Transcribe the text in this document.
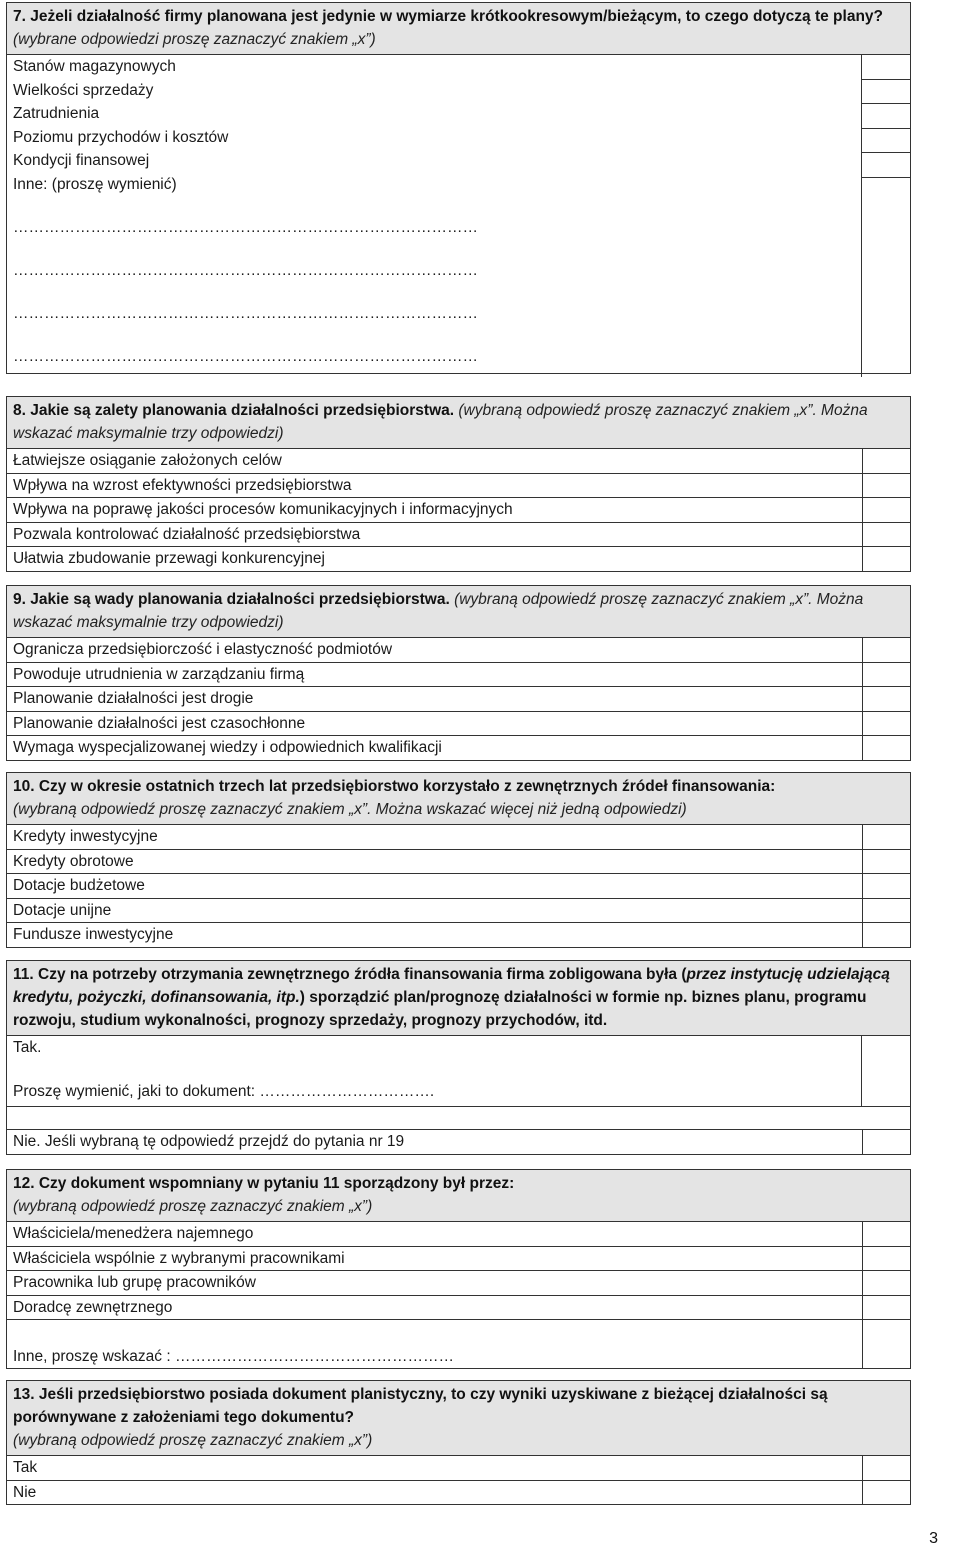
7. Jeżeli działalność firmy planowana jest jedynie w wymiarze krótkookresowym/bieżącym, to czego dotyczą te plany? (wybrane odpowiedzi proszę zaznaczyć znakiem „x”)
Stanów magazynowych
Wielkości sprzedaży
Zatrudnienia
Poziomu przychodów i kosztów
Kondycji finansowej
Inne: (proszę wymienić)
………………………………………………………………………………
………………………………………………………………………………
………………………………………………………………………………
………………………………………………………………………………
8. Jakie są zalety planowania działalności przedsiębiorstwa. (wybraną odpowiedź proszę zaznaczyć znakiem „x”. Można wskazać maksymalnie trzy odpowiedzi)
Łatwiejsze osiąganie założonych celów
Wpływa na wzrost efektywności przedsiębiorstwa
Wpływa na poprawę jakości procesów komunikacyjnych i informacyjnych
Pozwala kontrolować działalność przedsiębiorstwa
Ułatwia zbudowanie przewagi konkurencyjnej
9. Jakie są wady planowania działalności przedsiębiorstwa. (wybraną odpowiedź proszę zaznaczyć znakiem „x”. Można wskazać maksymalnie trzy odpowiedzi)
Ogranicza przedsiębiorczość i elastyczność podmiotów
Powoduje utrudnienia w zarządzaniu firmą
Planowanie działalności jest drogie
Planowanie działalności jest czasochłonne
Wymaga wyspecjalizowanej wiedzy i odpowiednich kwalifikacji
10. Czy w okresie ostatnich trzech lat przedsiębiorstwo korzystało z zewnętrznych źródeł finansowania:
(wybraną odpowiedź proszę zaznaczyć znakiem „x”. Można wskazać więcej niż jedną odpowiedzi)
Kredyty inwestycyjne
Kredyty obrotowe
Dotacje budżetowe
Dotacje unijne
Fundusze inwestycyjne
11. Czy na potrzeby otrzymania zewnętrznego źródła finansowania firma zobligowana była (przez instytucję udzielającą kredytu, pożyczki, dofinansowania, itp.) sporządzić plan/prognozę działalności w formie np. biznes planu, programu rozwoju, studium wykonalności, prognozy sprzedaży, prognozy przychodów, itd.
Tak.
Proszę wymienić, jaki to dokument: …………………………….
Nie. Jeśli wybraną tę odpowiedź przejdź do pytania nr 19
12. Czy dokument wspomniany w pytaniu 11 sporządzony był przez:
(wybraną odpowiedź proszę zaznaczyć znakiem „x”)
Właściciela/menedżera najemnego
Właściciela wspólnie z wybranymi pracownikami
Pracownika lub grupę pracowników
Doradcę zewnętrznego
Inne, proszę wskazać : ………………………………………………
13. Jeśli przedsiębiorstwo posiada dokument planistyczny, to czy wyniki uzyskiwane z bieżącej działalności są porównywane z założeniami tego dokumentu?
(wybraną odpowiedź proszę zaznaczyć znakiem „x”)
Tak
Nie
3
